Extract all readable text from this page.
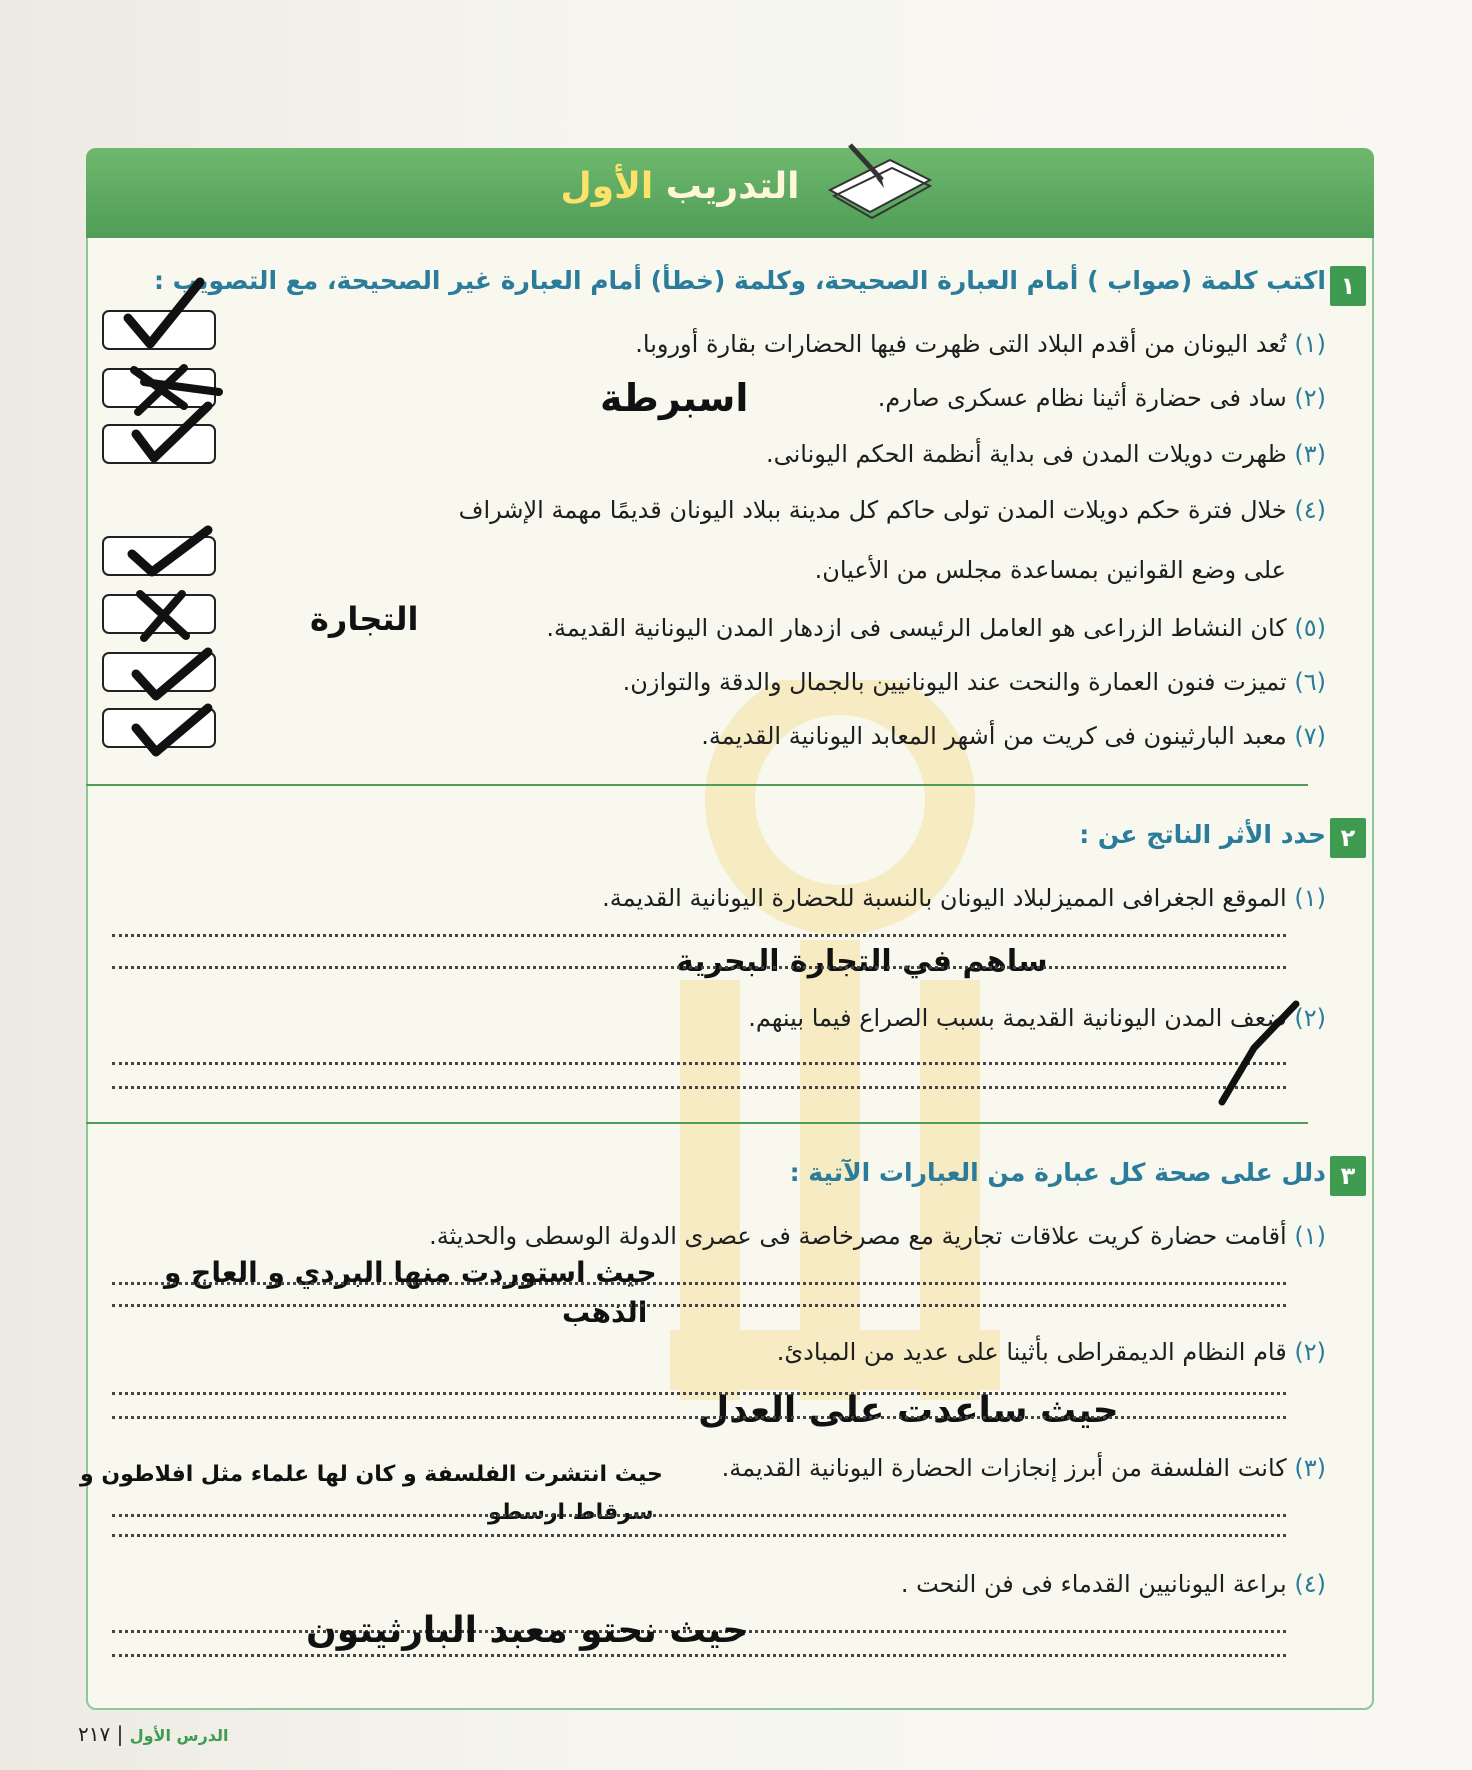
التدريب الأول
١
اكتب كلمة (صواب ) أمام العبارة الصحيحة، وكلمة (خطأ) أمام العبارة غير الصحيحة، مع التصويب :
(١) تُعد اليونان من أقدم البلاد التى ظهرت فيها الحضارات بقارة أوروبا.
(٢) ساد فى حضارة أثينا نظام عسكرى صارم.
(٣) ظهرت دويلات المدن فى بداية أنظمة الحكم اليونانى.
(٤) خلال فترة حكم دويلات المدن تولى حاكم كل مدينة ببلاد اليونان قديمًا مهمة الإشراف
على وضع القوانين بمساعدة مجلس من الأعيان.
(٥) كان النشاط الزراعى هو العامل الرئيسى فى ازدهار المدن اليونانية القديمة.
(٦) تميزت فنون العمارة والنحت عند اليونانيين بالجمال والدقة والتوازن.
(٧) معبد البارثينون فى كريت من أشهر المعابد اليونانية القديمة.
اسبرطة
التجارة
٢
حدد الأثر الناتج عن :
(١) الموقع الجغرافى المميزلبلاد اليونان بالنسبة للحضارة اليونانية القديمة.
ساهم في التجارة البحرية
(٢) ضعف المدن اليونانية القديمة بسبب الصراع فيما بينهم.
٣
دلل على صحة كل عبارة من العبارات الآتية :
(١) أقامت حضارة كريت علاقات تجارية مع مصرخاصة فى عصرى الدولة الوسطى والحديثة.
حيث استوردت منها البردي و العاج و
الذهب
(٢) قام النظام الديمقراطى بأثينا على عديد من المبادئ.
حيث ساعدت على العدل
(٣) كانت الفلسفة من أبرز إنجازات الحضارة اليونانية القديمة.
حيث انتشرت الفلسفة و كان لها علماء مثل افلاطون و
سرقاط ارسطو
(٤) براعة اليونانيين القدماء فى فن النحت .
حيث نحتو معبد البارثيتون
الدرس الأول | ٢١٧
